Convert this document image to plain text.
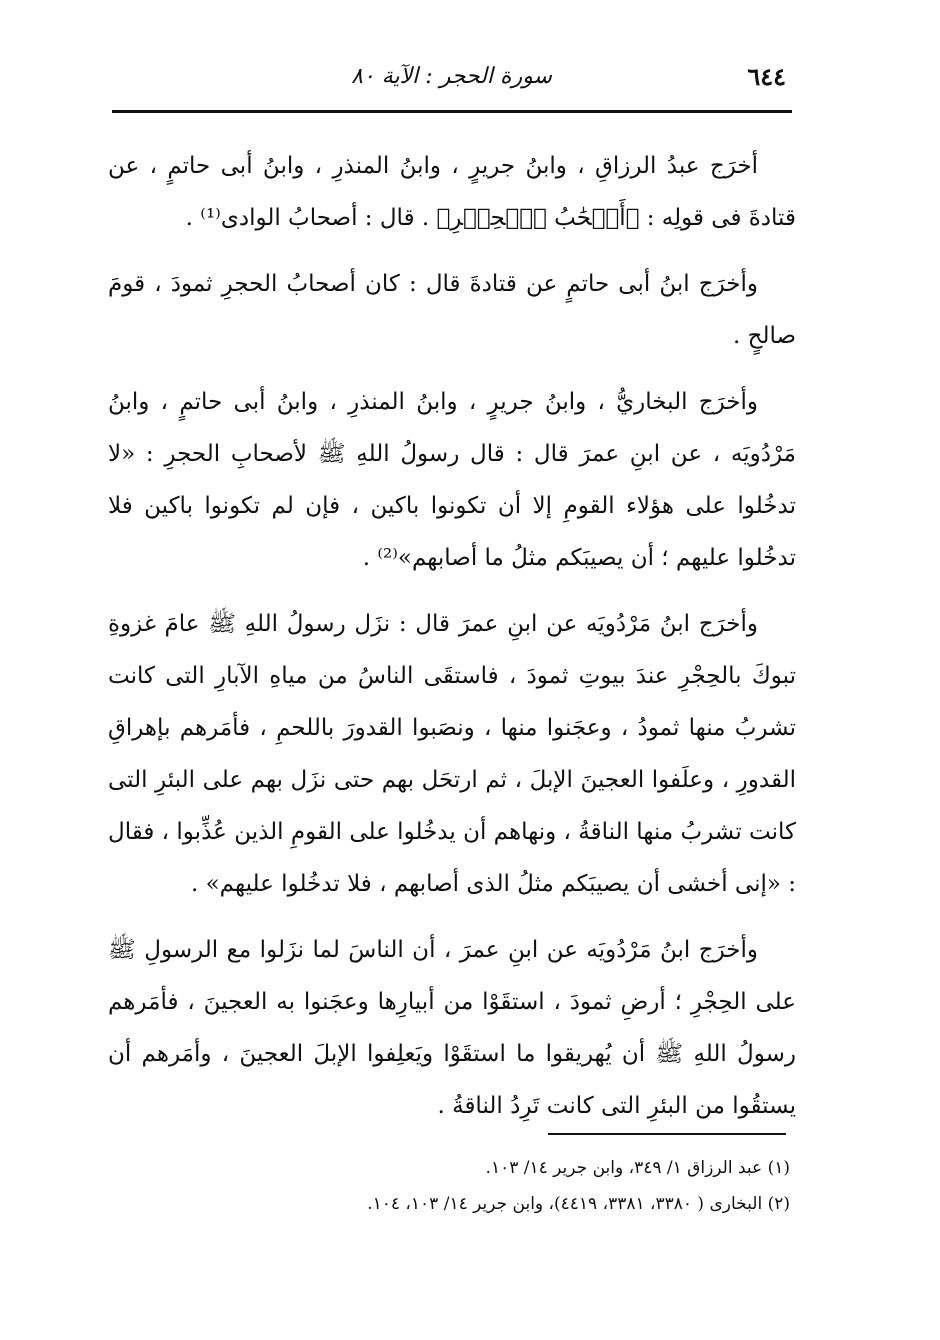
٦٤٤
سورة الحجر : الآية ٨٠

أخرَج عبدُ الرزاقِ ، وابنُ جريرٍ ، وابنُ المنذرِ ، وابنُ أبى حاتمٍ ، عن قتادةَ فى قولِه : ﴿أَصۡحَٰبُ ٱلۡحِجۡرِ﴾ . قال : أصحابُ الوادى⁽¹⁾ .

وأخرَج ابنُ أبى حاتمٍ عن قتادةَ قال : كان أصحابُ الحجرِ ثمودَ ، قومَ صالحٍ .

وأخرَج البخاريُّ ، وابنُ جريرٍ ، وابنُ المنذرِ ، وابنُ أبى حاتمٍ ، وابنُ مَرْدُويَه ، عن ابنِ عمرَ قال : قال رسولُ اللهِ ﷺ لأصحابِ الحجرِ : «لا تدخُلوا على هؤلاء القومِ إلا أن تكونوا باكين ، فإن لم تكونوا باكين فلا تدخُلوا عليهم ؛ أن يصيبَكم مثلُ ما أصابهم»⁽²⁾ .

وأخرَج ابنُ مَرْدُويَه عن ابنِ عمرَ قال : نزَل رسولُ اللهِ ﷺ عامَ غزوةِ تبوكَ بالحِجْرِ عندَ بيوتِ ثمودَ ، فاستقَى الناسُ من مياهِ الآبارِ التى كانت تشربُ منها ثمودُ ، وعجَنوا منها ، ونصَبوا القدورَ باللحمِ ، فأمَرهم بإهراقِ القدورِ ، وعلَفوا العجينَ الإبلَ ، ثم ارتحَل بهم حتى نزَل بهم على البئرِ التى كانت تشربُ منها الناقةُ ، ونهاهم أن يدخُلوا على القومِ الذين عُذِّبوا ، فقال : «إنى أخشى أن يصيبَكم مثلُ الذى أصابهم ، فلا تدخُلوا عليهم» .

وأخرَج ابنُ مَرْدُويَه عن ابنِ عمرَ ، أن الناسَ لما نزَلوا مع الرسولِ ﷺ على الحِجْرِ ؛ أرضِ ثمودَ ، استقَوْا من أبيارِها وعجَنوا به العجينَ ، فأمَرهم رسولُ اللهِ ﷺ أن يُهريقوا ما استقَوْا ويَعلِفوا الإبلَ العجينَ ، وأمَرهم أن يستقُوا من البئرِ التى كانت تَرِدُ الناقةُ .

(١) عبد الرزاق ١/ ٣٤٩، وابن جرير ١٤/ ١٠٣.
(٢) البخارى ( ٣٣٨٠، ٣٣٨١، ٤٤١٩)، وابن جرير ١٤/ ١٠٣، ١٠٤.
